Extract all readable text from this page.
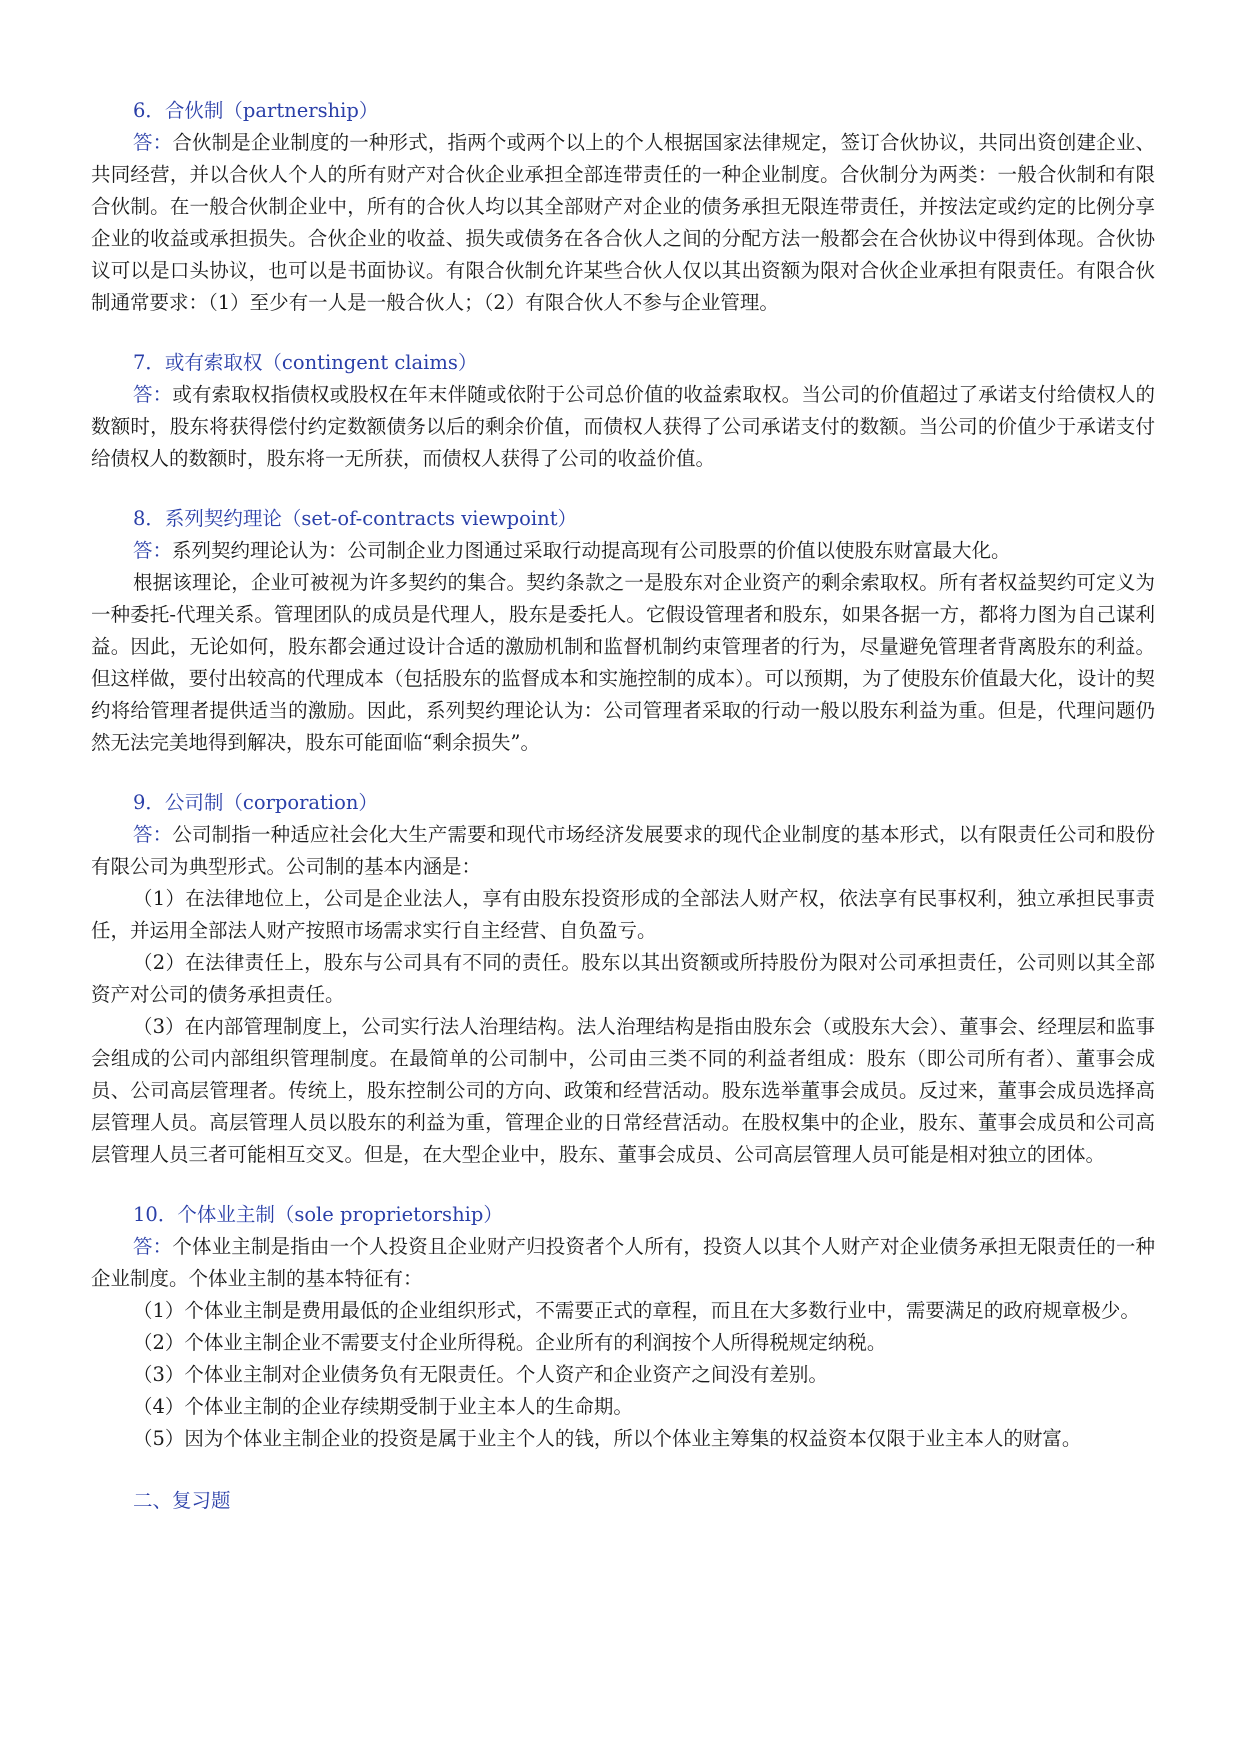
6．合伙制（partnership）

答：合伙制是企业制度的一种形式，指两个或两个以上的个人根据国家法律规定，签订合伙协议，共同出资创建企业、共同经营，并以合伙人个人的所有财产对合伙企业承担全部连带责任的一种企业制度。合伙制分为两类：一般合伙制和有限合伙制。在一般合伙制企业中，所有的合伙人均以其全部财产对企业的债务承担无限连带责任，并按法定或约定的比例分享企业的收益或承担损失。合伙企业的收益、损失或债务在各合伙人之间的分配方法一般都会在合伙协议中得到体现。合伙协议可以是口头协议，也可以是书面协议。有限合伙制允许某些合伙人仅以其出资额为限对合伙企业承担有限责任。有限合伙制通常要求：（1）至少有一人是一般合伙人；（2）有限合伙人不参与企业管理。

7．或有索取权（contingent claims）

答：或有索取权指债权或股权在年末伴随或依附于公司总价值的收益索取权。当公司的价值超过了承诺支付给债权人的数额时，股东将获得偿付约定数额债务以后的剩余价值，而债权人获得了公司承诺支付的数额。当公司的价值少于承诺支付给债权人的数额时，股东将一无所获，而债权人获得了公司的收益价值。

8．系列契约理论（set-of-contracts viewpoint）

答：系列契约理论认为：公司制企业力图通过采取行动提高现有公司股票的价值以使股东财富最大化。

根据该理论，企业可被视为许多契约的集合。契约条款之一是股东对企业资产的剩余索取权。所有者权益契约可定义为一种委托-代理关系。管理团队的成员是代理人，股东是委托人。它假设管理者和股东，如果各据一方，都将力图为自己谋利益。因此，无论如何，股东都会通过设计合适的激励机制和监督机制约束管理者的行为，尽量避免管理者背离股东的利益。但这样做，要付出较高的代理成本（包括股东的监督成本和实施控制的成本）。可以预期，为了使股东价值最大化，设计的契约将给管理者提供适当的激励。因此，系列契约理论认为：公司管理者采取的行动一般以股东利益为重。但是，代理问题仍然无法完美地得到解决，股东可能面临“剩余损失”。

9．公司制（corporation）

答：公司制指一种适应社会化大生产需要和现代市场经济发展要求的现代企业制度的基本形式，以有限责任公司和股份有限公司为典型形式。公司制的基本内涵是：

（1）在法律地位上，公司是企业法人，享有由股东投资形成的全部法人财产权，依法享有民事权利，独立承担民事责任，并运用全部法人财产按照市场需求实行自主经营、自负盈亏。

（2）在法律责任上，股东与公司具有不同的责任。股东以其出资额或所持股份为限对公司承担责任，公司则以其全部资产对公司的债务承担责任。

（3）在内部管理制度上，公司实行法人治理结构。法人治理结构是指由股东会（或股东大会）、董事会、经理层和监事会组成的公司内部组织管理制度。在最简单的公司制中，公司由三类不同的利益者组成：股东（即公司所有者）、董事会成员、公司高层管理者。传统上，股东控制公司的方向、政策和经营活动。股东选举董事会成员。反过来，董事会成员选择高层管理人员。高层管理人员以股东的利益为重，管理企业的日常经营活动。在股权集中的企业，股东、董事会成员和公司高层管理人员三者可能相互交叉。但是，在大型企业中，股东、董事会成员、公司高层管理人员可能是相对独立的团体。

10．个体业主制（sole proprietorship）

答：个体业主制是指由一个人投资且企业财产归投资者个人所有，投资人以其个人财产对企业债务承担无限责任的一种企业制度。个体业主制的基本特征有：

（1）个体业主制是费用最低的企业组织形式，不需要正式的章程，而且在大多数行业中，需要满足的政府规章极少。

（2）个体业主制企业不需要支付企业所得税。企业所有的利润按个人所得税规定纳税。

（3）个体业主制对企业债务负有无限责任。个人资产和企业资产之间没有差别。

（4）个体业主制的企业存续期受制于业主本人的生命期。

（5）因为个体业主制企业的投资是属于业主个人的钱，所以个体业主筹集的权益资本仅限于业主本人的财富。

二、复习题
